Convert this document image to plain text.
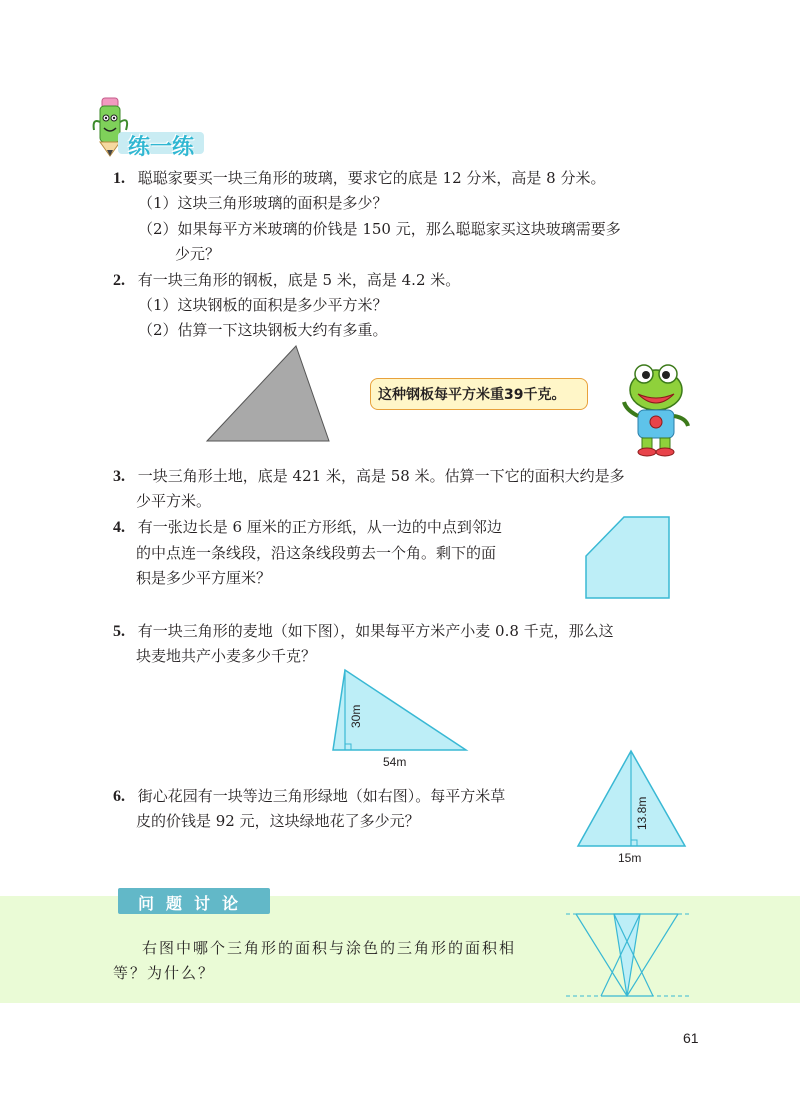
练一练
1. 聪聪家要买一块三角形的玻璃，要求它的底是 12 分米，高是 8 分米。
（1）这块三角形玻璃的面积是多少？
（2）如果每平方米玻璃的价钱是 150 元，那么聪聪家买这块玻璃需要多
少元？
2. 有一块三角形的钢板，底是 5 米，高是 4.2 米。
（1）这块钢板的面积是多少平方米？
（2）估算一下这块钢板大约有多重。
这种钢板每平方米重39千克。
3. 一块三角形土地，底是 421 米，高是 58 米。估算一下它的面积大约是多
少平方米。
4. 有一张边长是 6 厘米的正方形纸，从一边的中点到邻边
的中点连一条线段，沿这条线段剪去一个角。剩下的面
积是多少平方厘米？
5. 有一块三角形的麦地（如下图），如果每平方米产小麦 0.8 千克，那么这
块麦地共产小麦多少千克？
30m
54m
6. 街心花园有一块等边三角形绿地（如右图）。每平方米草
皮的价钱是 92 元，这块绿地花了多少元？	13.8m
15m
问题讨论
右图中哪个三角形的面积与涂色的三角形的面积相
等？为什么？
61
